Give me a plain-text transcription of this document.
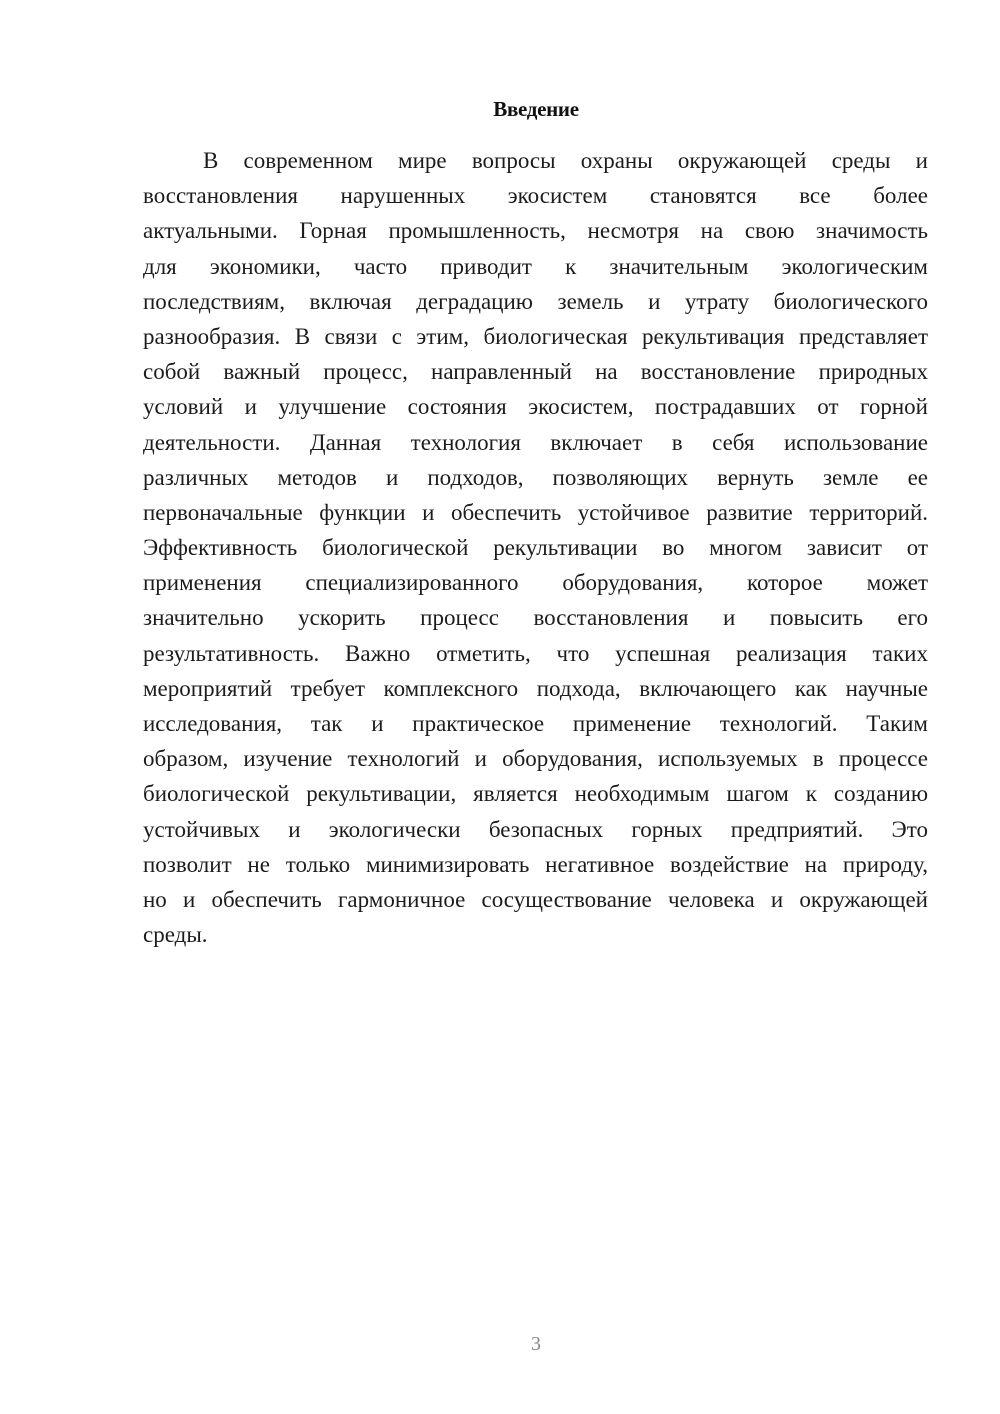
Введение
В современном мире вопросы охраны окружающей среды и
восстановления нарушенных экосистем становятся все более
актуальными. Горная промышленность, несмотря на свою значимость
для экономики, часто приводит к значительным экологическим
последствиям, включая деградацию земель и утрату биологического
разнообразия. В связи с этим, биологическая рекультивация представляет
собой важный процесс, направленный на восстановление природных
условий и улучшение состояния экосистем, пострадавших от горной
деятельности. Данная технология включает в себя использование
различных методов и подходов, позволяющих вернуть земле ее
первоначальные функции и обеспечить устойчивое развитие территорий.
Эффективность биологической рекультивации во многом зависит от
применения специализированного оборудования, которое может
значительно ускорить процесс восстановления и повысить его
результативность. Важно отметить, что успешная реализация таких
мероприятий требует комплексного подхода, включающего как научные
исследования, так и практическое применение технологий. Таким
образом, изучение технологий и оборудования, используемых в процессе
биологической рекультивации, является необходимым шагом к созданию
устойчивых и экологически безопасных горных предприятий. Это
позволит не только минимизировать негативное воздействие на природу,
но и обеспечить гармоничное сосуществование человека и окружающей
среды.
3
